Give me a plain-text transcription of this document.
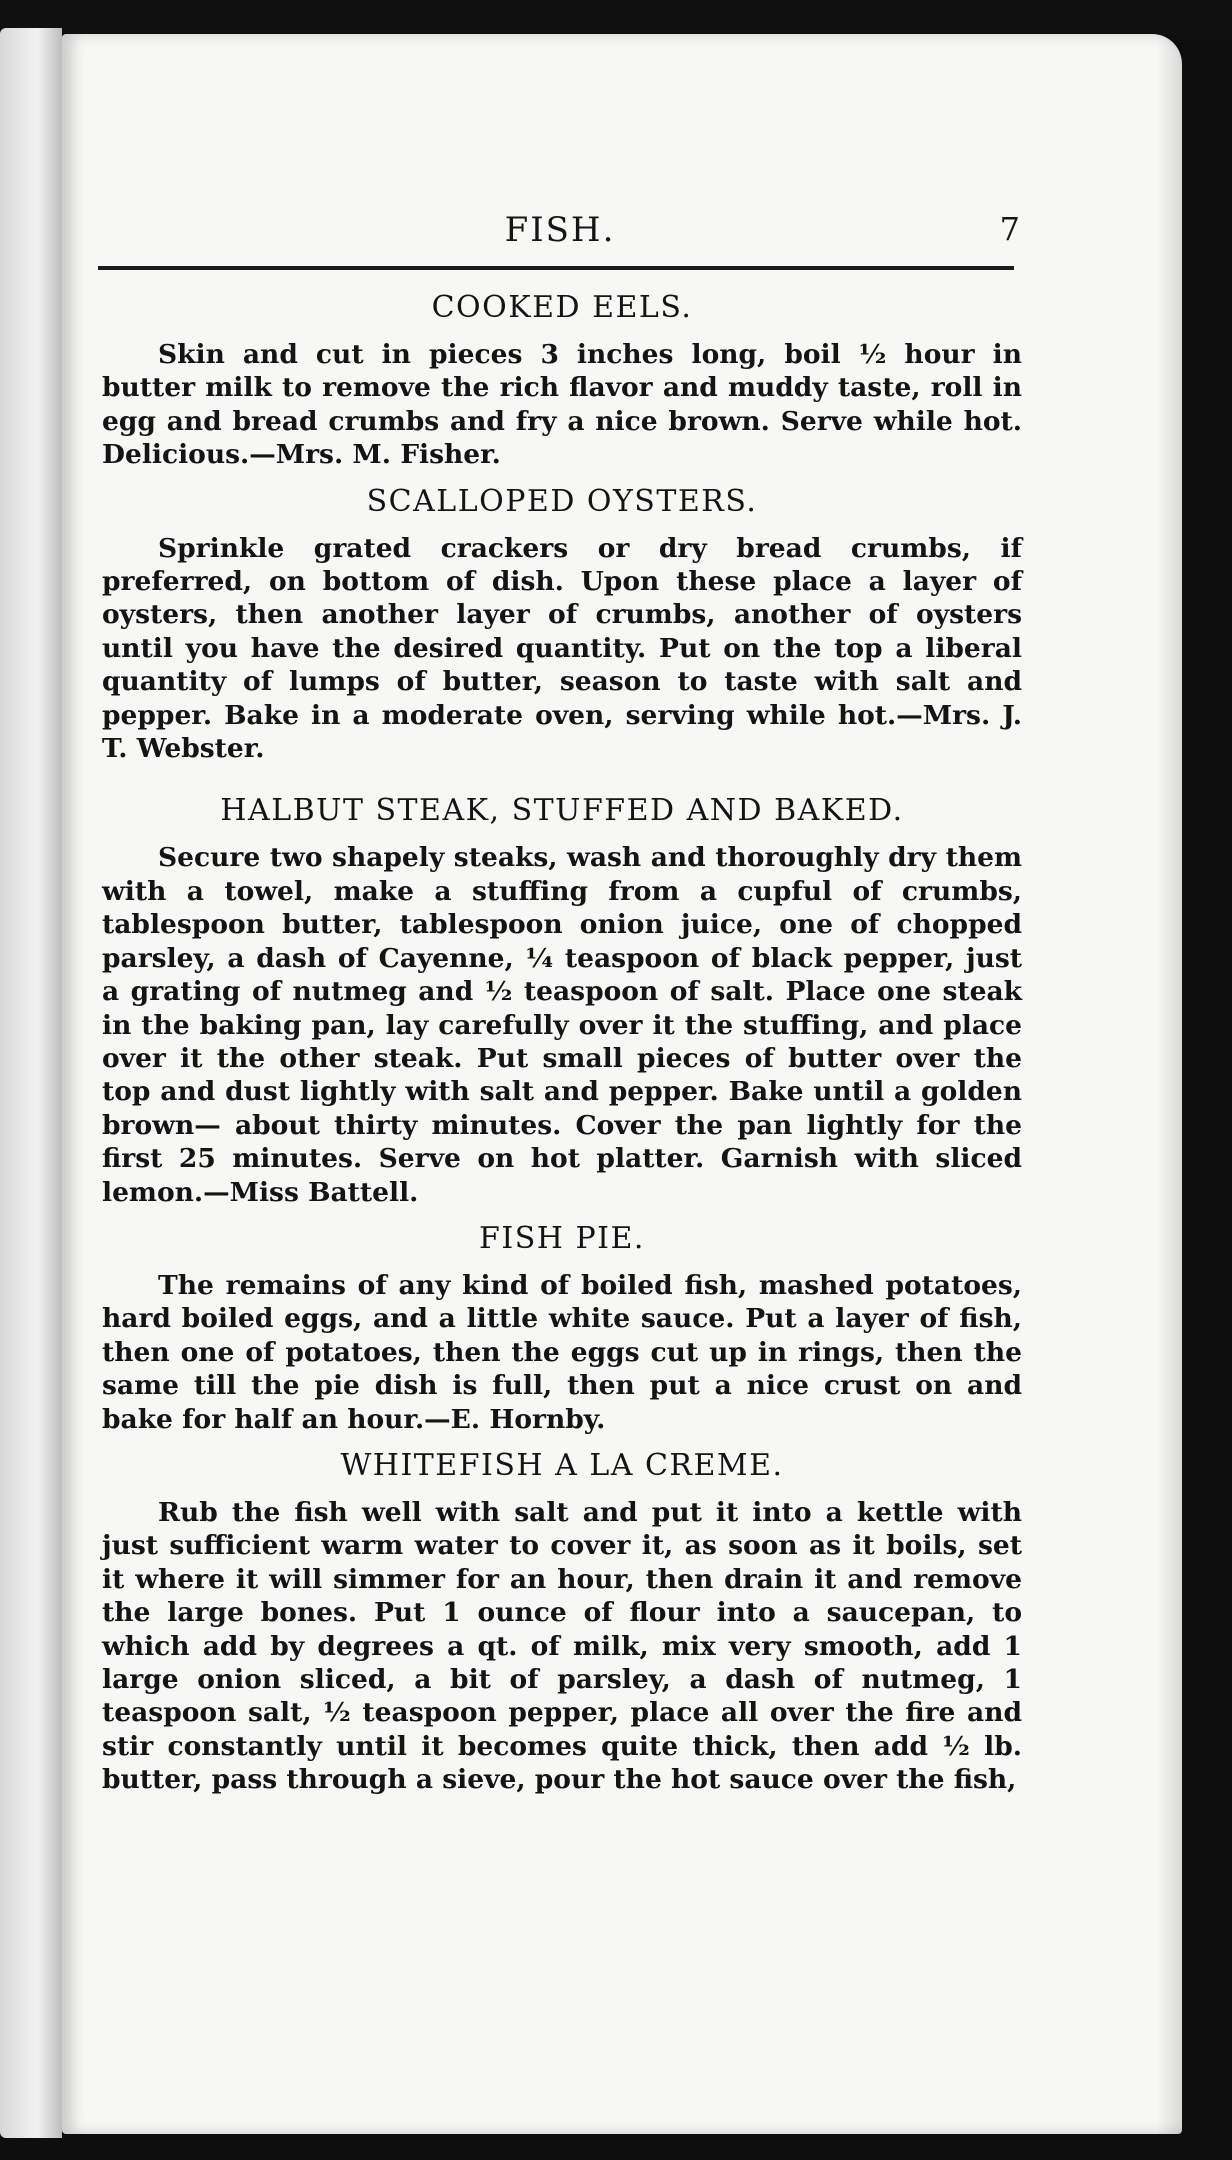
FISH.	7
COOKED EELS.

Skin and cut in pieces 3 inches long, boil ½ hour in butter milk to remove the rich flavor and muddy taste, roll in egg and bread crumbs and fry a nice brown. Serve while hot. Delicious.—Mrs. M. Fisher.

SCALLOPED OYSTERS.

Sprinkle grated crackers or dry bread crumbs, if preferred, on bottom of dish. Upon these place a layer of oysters, then another layer of crumbs, another of oysters until you have the desired quantity. Put on the top a liberal quantity of lumps of butter, season to taste with salt and pepper. Bake in a moderate oven, serving while hot.—Mrs. J. T. Webster.

HALBUT STEAK, STUFFED AND BAKED.

Secure two shapely steaks, wash and thoroughly dry them with a towel, make a stuffing from a cupful of crumbs, tablespoon butter, tablespoon onion juice, one of chopped parsley, a dash of Cayenne, ¼ teaspoon of black pepper, just a grating of nutmeg and ½ teaspoon of salt. Place one steak in the baking pan, lay carefully over it the stuffing, and place over it the other steak. Put small pieces of butter over the top and dust lightly with salt and pepper. Bake until a golden brown— about thirty minutes. Cover the pan lightly for the first 25 minutes. Serve on hot platter. Garnish with sliced lemon.—Miss Battell.

FISH PIE.

The remains of any kind of boiled fish, mashed potatoes, hard boiled eggs, and a little white sauce. Put a layer of fish, then one of potatoes, then the eggs cut up in rings, then the same till the pie dish is full, then put a nice crust on and bake for half an hour.—E. Hornby.

WHITEFISH A LA CREME.

Rub the fish well with salt and put it into a kettle with just sufficient warm water to cover it, as soon as it boils, set it where it will simmer for an hour, then drain it and remove the large bones. Put 1 ounce of flour into a saucepan, to which add by degrees a qt. of milk, mix very smooth, add 1 large onion sliced, a bit of parsley, a dash of nutmeg, 1 teaspoon salt, ½ teaspoon pepper, place all over the fire and stir constantly until it becomes quite thick, then add ½ lb. butter, pass through a sieve, pour the hot sauce over the fish,
